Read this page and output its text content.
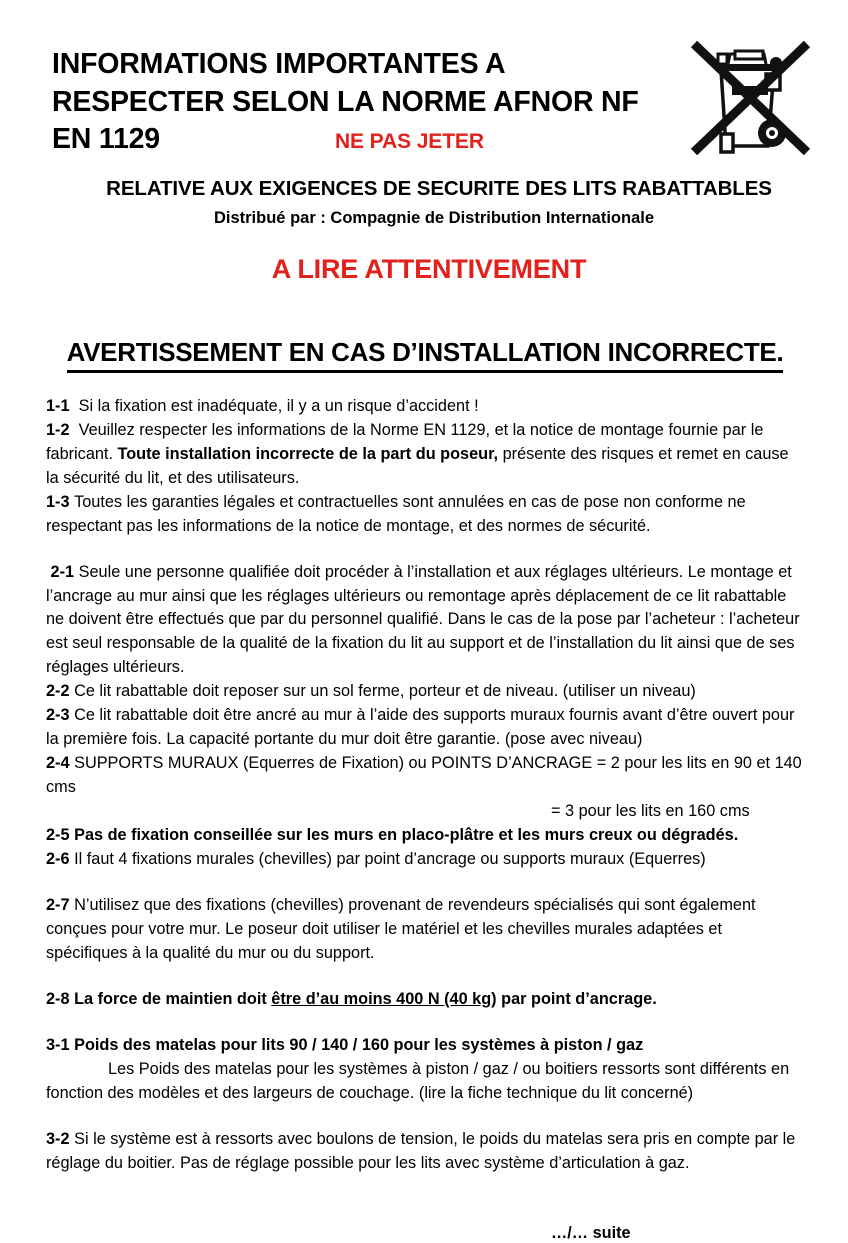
INFORMATIONS IMPORTANTES A
RESPECTER SELON LA NORME AFNOR NF
EN 1129	NE PAS JETER
RELATIVE AUX EXIGENCES DE SECURITE DES LITS RABATTABLES
Distribué par : Compagnie de Distribution Internationale
A LIRE ATTENTIVEMENT
AVERTISSEMENT EN CAS D’INSTALLATION INCORRECTE.

1-1 Si la fixation est inadéquate, il y a un risque d’accident !

1-2 Veuillez respecter les informations de la Norme EN 1129, et la notice de montage fournie par le fabricant. Toute installation incorrecte de la part du poseur, présente des risques et remet en cause la sécurité du lit, et des utilisateurs.

1-3 Toutes les garanties légales et contractuelles sont annulées en cas de pose non conforme ne respectant pas les informations de la notice de montage, et des normes de sécurité.

2-1 Seule une personne qualifiée doit procéder à l’installation et aux réglages ultérieurs. Le montage et l’ancrage au mur ainsi que les réglages ultérieurs ou remontage après déplacement de ce lit rabattable ne doivent être effectués que par du personnel qualifié. Dans le cas de la pose par l’acheteur : l’acheteur est seul responsable de la qualité de la fixation du lit au support et de l’installation du lit ainsi que de ses réglages ultérieurs.

2-2 Ce lit rabattable doit reposer sur un sol ferme, porteur et de niveau. (utiliser un niveau)

2-3 Ce lit rabattable doit être ancré au mur à l’aide des supports muraux fournis avant d’être ouvert pour la première fois. La capacité portante du mur doit être garantie. (pose avec niveau)

2-4 SUPPORTS MURAUX (Equerres de Fixation) ou POINTS D’ANCRAGE = 2 pour les lits en 90 et 140 cms

= 3 pour les lits en 160 cms

2-5 Pas de fixation conseillée sur les murs en placo-plâtre et les murs creux ou dégradés.

2-6 Il faut 4 fixations murales (chevilles) par point d’ancrage ou supports muraux (Equerres)

2-7 N’utilisez que des fixations (chevilles) provenant de revendeurs spécialisés qui sont également conçues pour votre mur. Le poseur doit utiliser le matériel et les chevilles murales adaptées et spécifiques à la qualité du mur ou du support.

2-8 La force de maintien doit être d’au moins 400 N (40 kg) par point d’ancrage.

3-1 Poids des matelas pour lits 90 / 140 / 160 pour les systèmes à piston / gaz

Les Poids des matelas pour les systèmes à piston / gaz / ou boitiers ressorts sont différents en fonction des modèles et des largeurs de couchage. (lire la fiche technique du lit concerné)

3-2 Si le système est à ressorts avec boulons de tension, le poids du matelas sera pris en compte par le réglage du boitier. Pas de réglage possible pour les lits avec système d’articulation à gaz.

…/… suite
